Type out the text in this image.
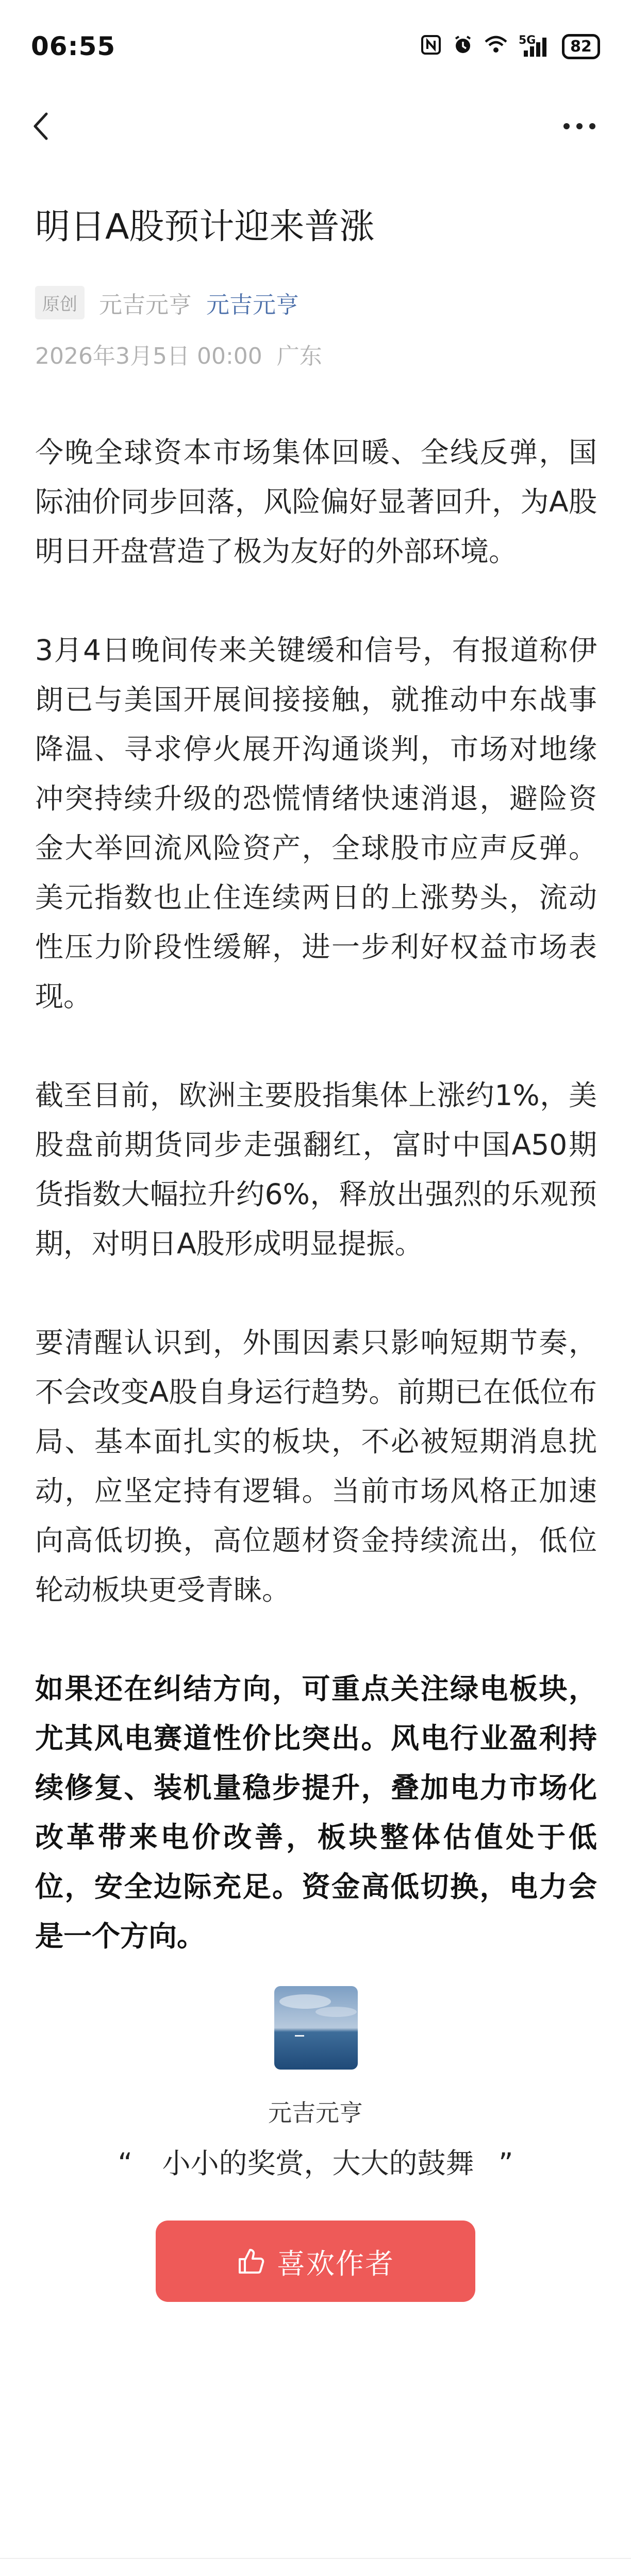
06:55	5G	82
明日A股预计迎来普涨
原创 元吉元亨 元吉元亨
2026年3月5日 00:00 广东

今晚全球资本市场集体回暖、全线反弹，国际油价同步回落，风险偏好显著回升，为A股明日开盘营造了极为友好的外部环境。

3月4日晚间传来关键缓和信号，有报道称伊朗已与美国开展间接接触，就推动中东战事降温、寻求停火展开沟通谈判，市场对地缘冲突持续升级的恐慌情绪快速消退，避险资金大举回流风险资产，全球股市应声反弹。美元指数也止住连续两日的上涨势头，流动性压力阶段性缓解，进一步利好权益市场表现。

截至目前，欧洲主要股指集体上涨约1%，美股盘前期货同步走强翻红，富时中国A50期货指数大幅拉升约6%，释放出强烈的乐观预期，对明日A股形成明显提振。

要清醒认识到，外围因素只影响短期节奏，不会改变A股自身运行趋势。前期已在低位布局、基本面扎实的板块，不必被短期消息扰动，应坚定持有逻辑。当前市场风格正加速向高低切换，高位题材资金持续流出，低位轮动板块更受青睐。

如果还在纠结方向，可重点关注绿电板块，尤其风电赛道性价比突出。风电行业盈利持续修复、装机量稳步提升，叠加电力市场化改革带来电价改善，板块整体估值处于低位，安全边际充足。资金高低切换，电力会是一个方向。

元吉元亨
“ 小小的奖赏，大大的鼓舞 ”
喜欢作者
